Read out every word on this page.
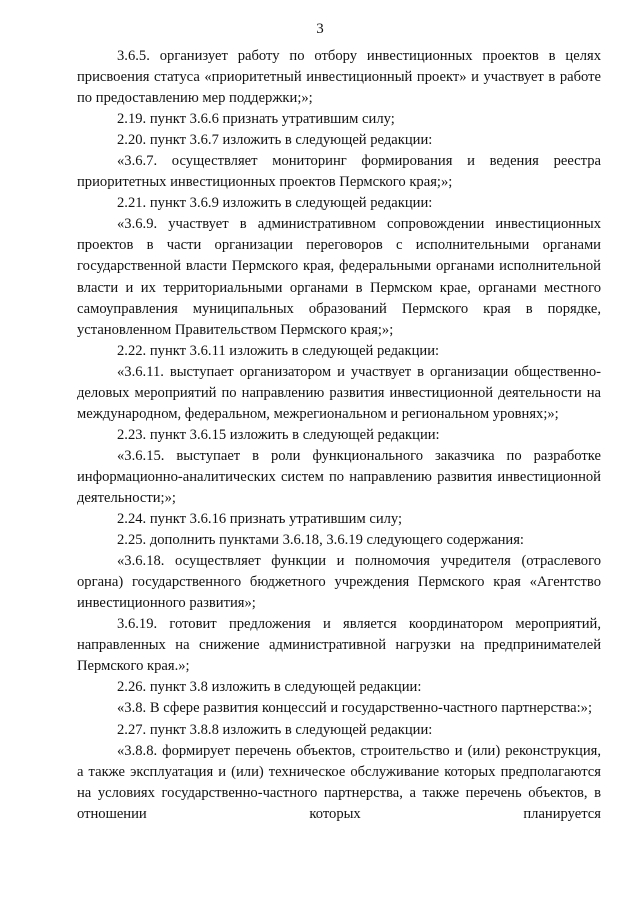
3

3.6.5. организует работу по отбору инвестиционных проектов в целях присвоения статуса «приоритетный инвестиционный проект» и участвует в работе по предоставлению мер поддержки;»;

2.19. пункт 3.6.6 признать утратившим силу;

2.20. пункт 3.6.7 изложить в следующей редакции:

«3.6.7. осуществляет мониторинг формирования и ведения реестра приоритетных инвестиционных проектов Пермского края;»;

2.21. пункт 3.6.9 изложить в следующей редакции:

«3.6.9. участвует в административном сопровождении инвестиционных проектов в части организации переговоров с исполнительными органами государственной власти Пермского края, федеральными органами исполнительной власти и их территориальными органами в Пермском крае, органами местного самоуправления муниципальных образований Пермского края в порядке, установленном Правительством Пермского края;»;

2.22. пункт 3.6.11 изложить в следующей редакции:

«3.6.11. выступает организатором и участвует в организации общественно-деловых мероприятий по направлению развития инвестиционной деятельности на международном, федеральном, межрегиональном и региональном уровнях;»;

2.23. пункт 3.6.15 изложить в следующей редакции:

«3.6.15. выступает в роли функционального заказчика по разработке информационно-аналитических систем по направлению развития инвестиционной деятельности;»;

2.24. пункт 3.6.16 признать утратившим силу;

2.25. дополнить пунктами 3.6.18, 3.6.19 следующего содержания:

«3.6.18. осуществляет функции и полномочия учредителя (отраслевого органа) государственного бюджетного учреждения Пермского края «Агентство инвестиционного развития»;

3.6.19. готовит предложения и является координатором мероприятий, направленных на снижение административной нагрузки на предпринимателей Пермского края.»;

2.26. пункт 3.8 изложить в следующей редакции:

«3.8. В сфере развития концессий и государственно-частного партнерства:»;

2.27. пункт 3.8.8 изложить в следующей редакции:

«3.8.8. формирует перечень объектов, строительство и (или) реконструкция, а также эксплуатация и (или) техническое обслуживание которых предполагаются на условиях государственно-частного партнерства, а также перечень объектов, в отношении которых планируется
